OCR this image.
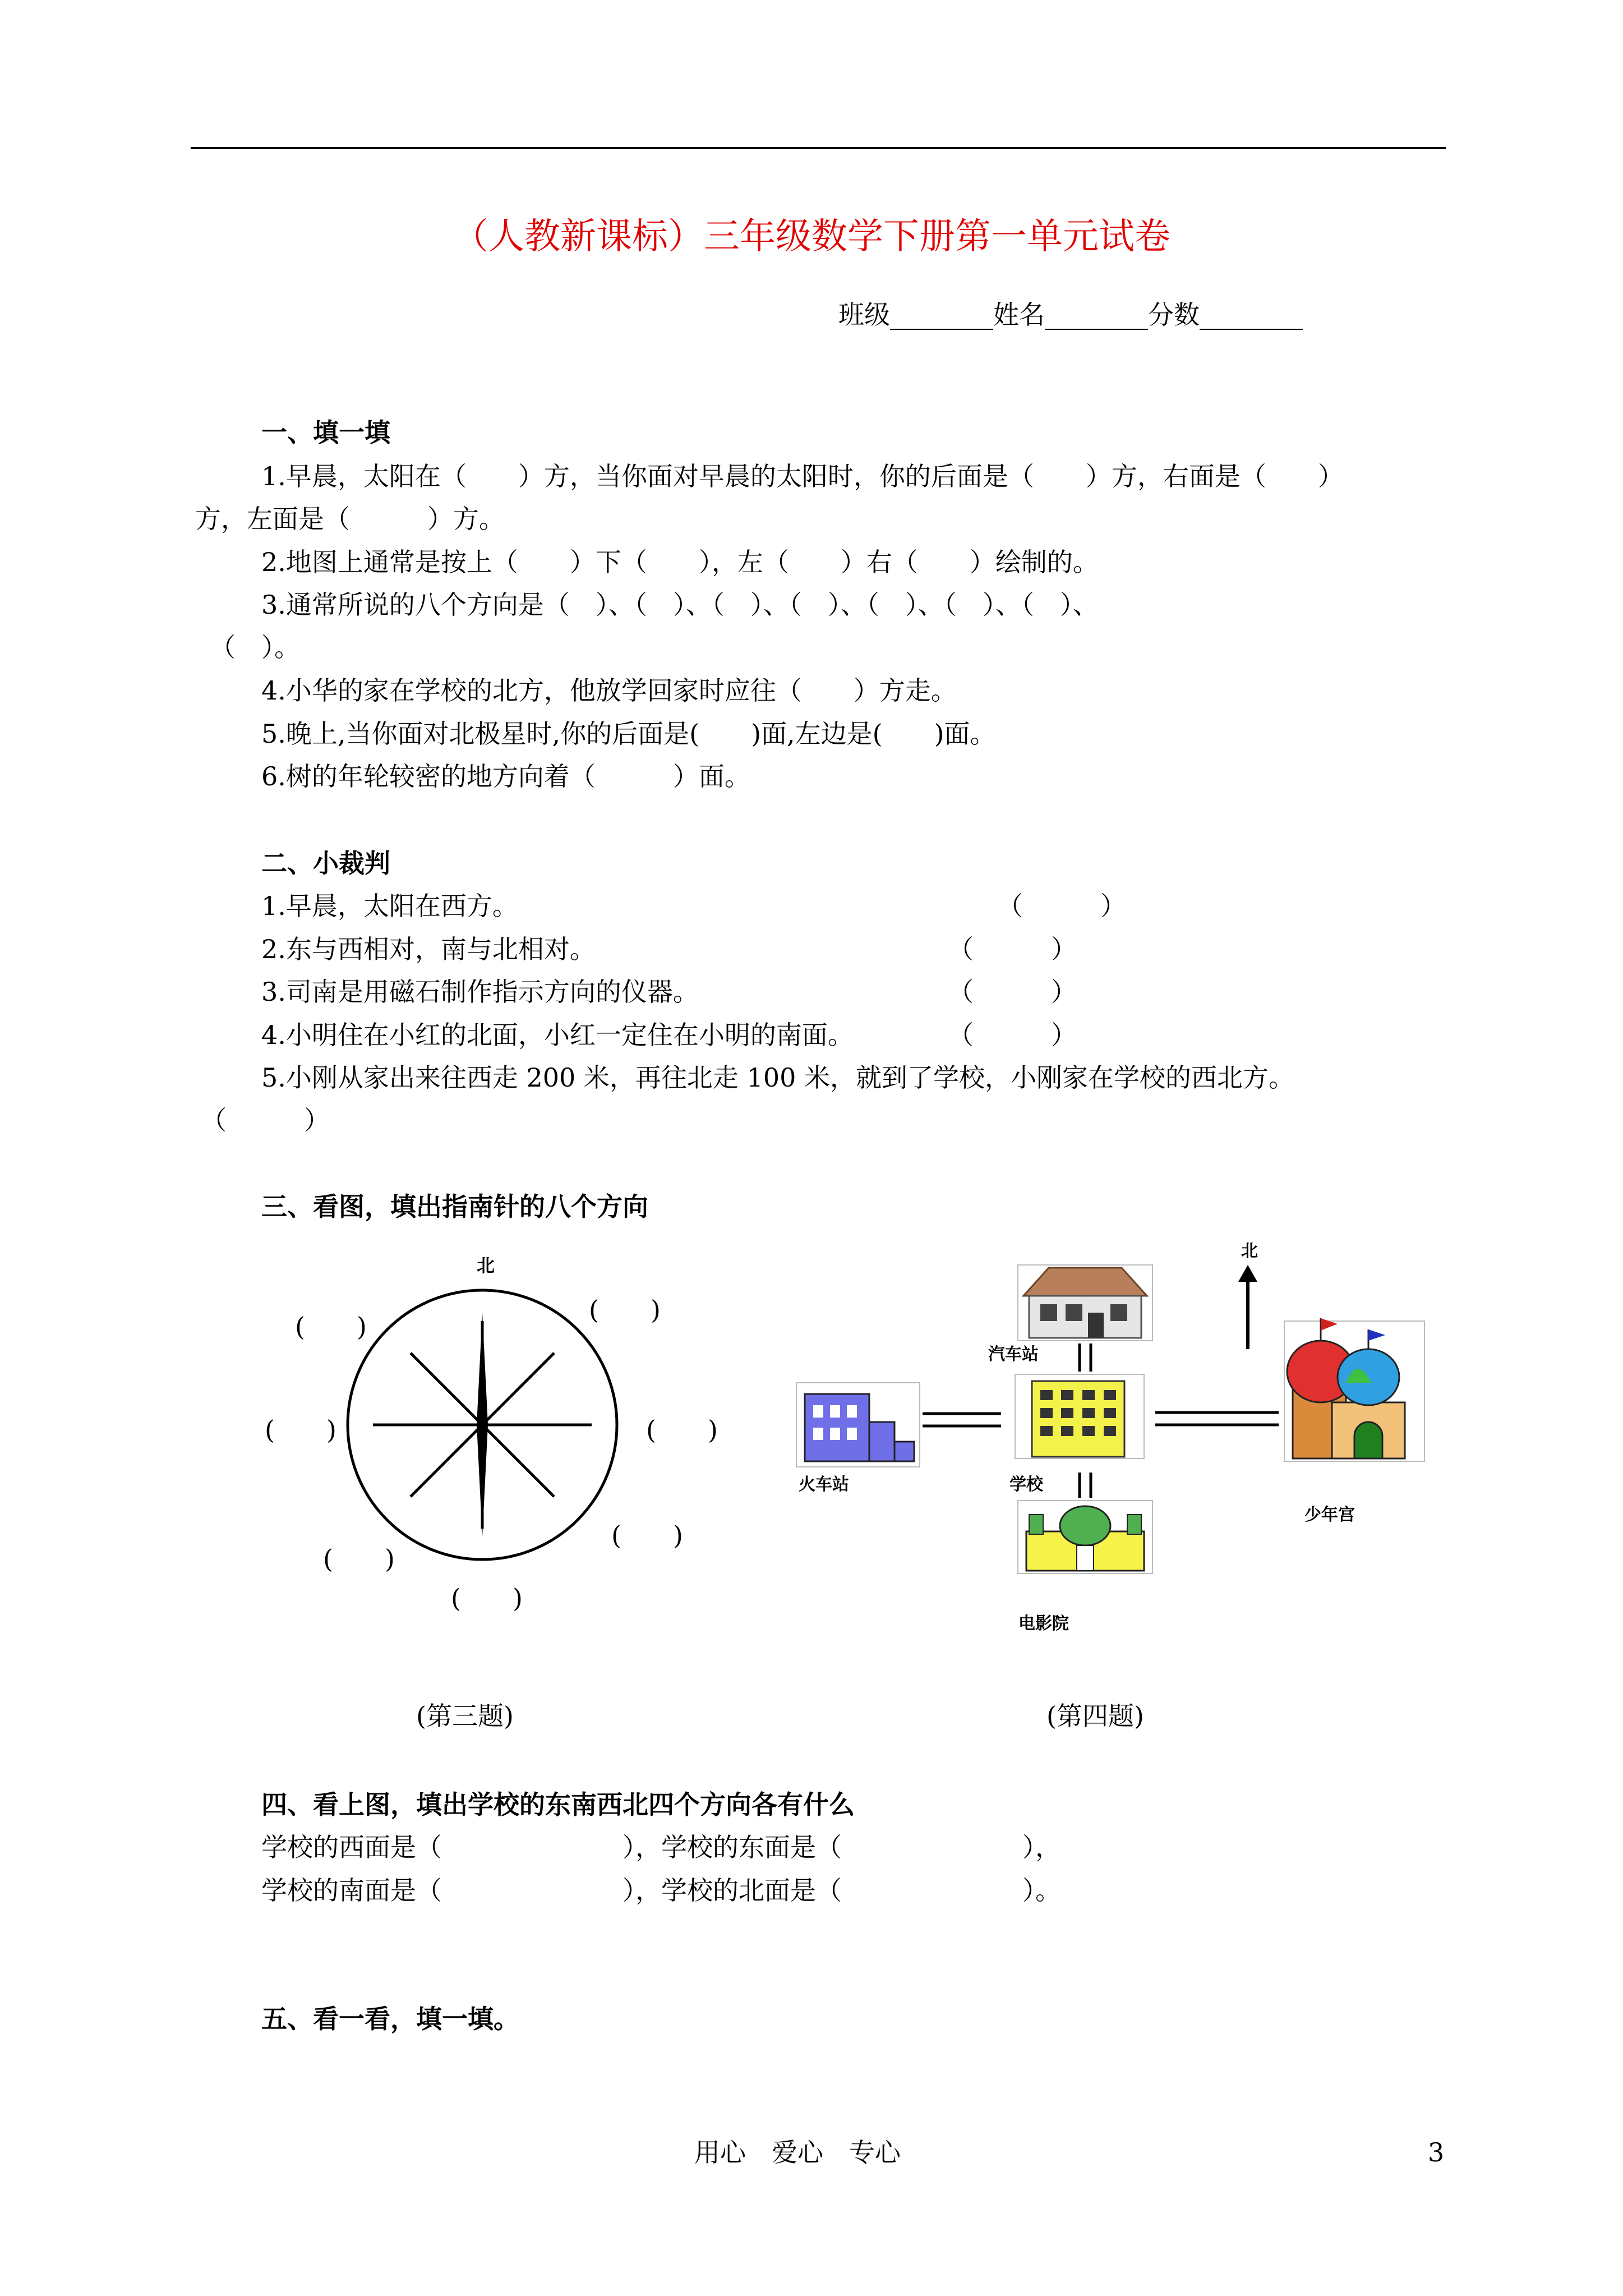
（人教新课标）三年级数学下册第一单元试卷
班级________姓名________分数________
一、填一填
1.早晨，太阳在（　　）方，当你面对早晨的太阳时，你的后面是（　　）方，右面是（　　）
方，左面是（　　　）方。
2.地图上通常是按上（　　）下（　　），左（　　）右（　　）绘制的。
3.通常所说的八个方向是（　）、（　）、（　）、（　）、（　）、（　）、（　）、
（　）。
4.小华的家在学校的北方，他放学回家时应往（　　）方走。
5.晚上,当你面对北极星时,你的后面是(　　)面,左边是(　　)面。
6.树的年轮较密的地方向着（　　　）面。
二、小裁判
1.早晨，太阳在西方。	（　　　）
2.东与西相对，南与北相对。	（　　　）
3.司南是用磁石制作指示方向的仪器。	（　　　）
4.小明住在小红的北面，小红一定住在小明的南面。	（　　　）
5.小刚从家出来往西走 200 米，再往北走 100 米，就到了学校，小刚家在学校的西北方。
（　　　）
三、看图，填出指南针的八个方向
北
(　　)
(　　)
(　　)	(　　)
(　　)
(　　)
(　　)
北
汽车站
火车站	学校
少年宫
电影院
(第三题)	(第四题)
四、看上图，填出学校的东南西北四个方向各有什么
学校的西面是（　　　　　　　），学校的东面是（　　　　　　　），
学校的南面是（　　　　　　　），学校的北面是（　　　　　　　）。
五、看一看，填一填。
用心　爱心　专心	3
